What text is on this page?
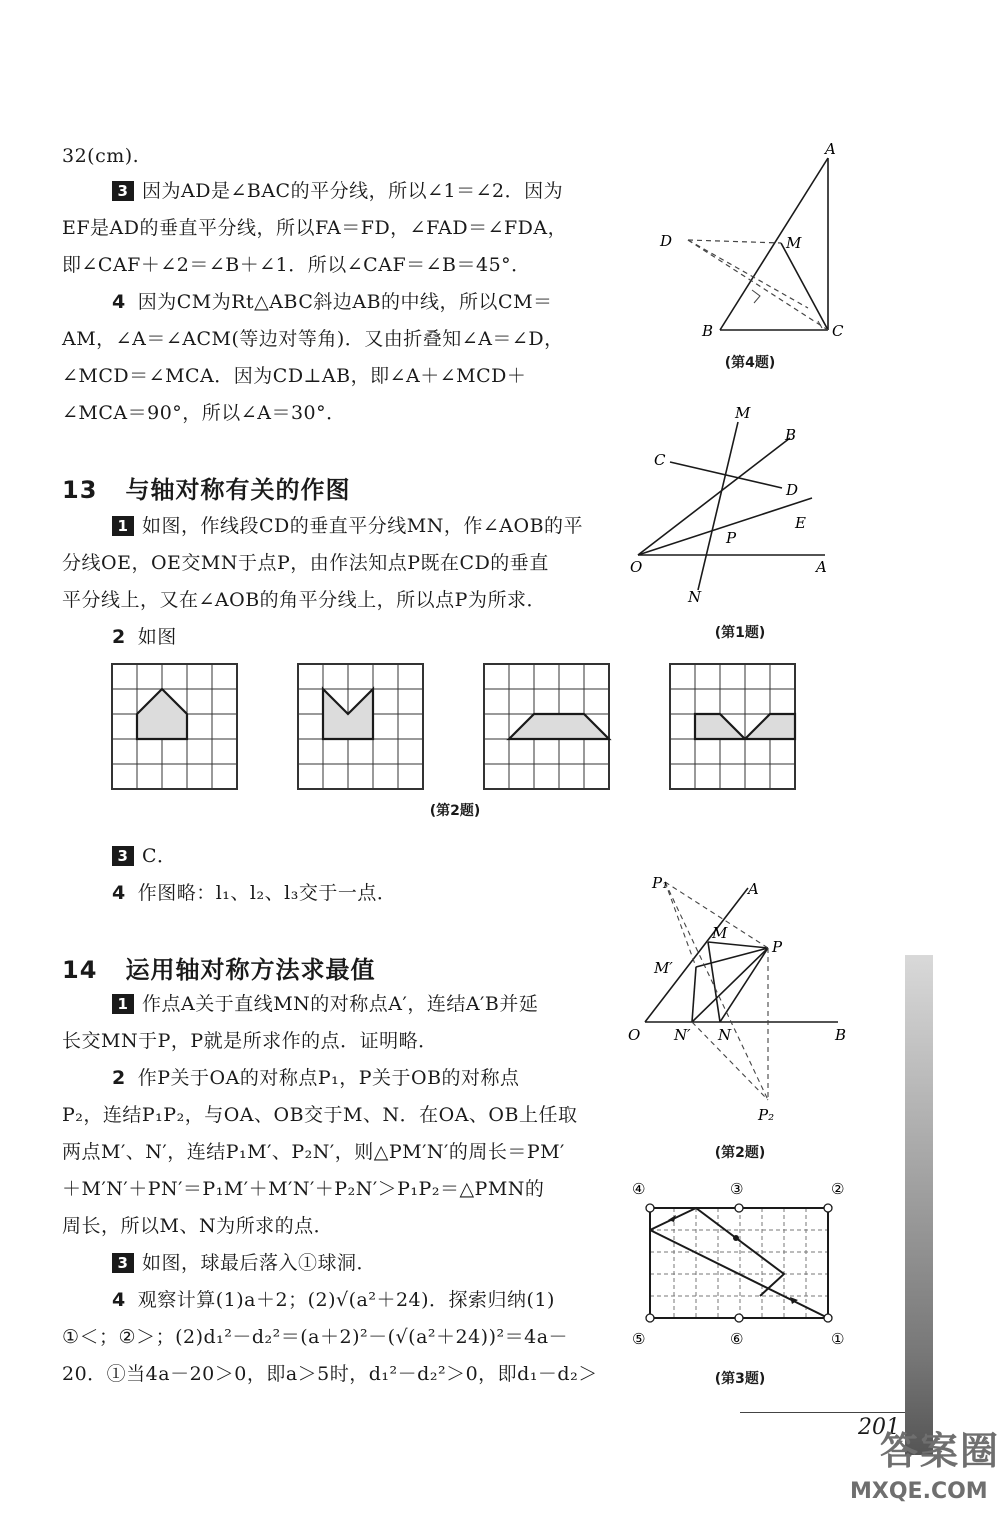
32(cm).
3 因为AD是∠BAC的平分线，所以∠1＝∠2．因为
EF是AD的垂直平分线，所以FA＝FD，∠FAD＝∠FDA，
即∠CAF＋∠2＝∠B＋∠1．所以∠CAF＝∠B＝45°．
4 因为CM为Rt△ABC斜边AB的中线，所以CM＝
AM，∠A＝∠ACM(等边对等角)．又由折叠知∠A＝∠D，
∠MCD＝∠MCA．因为CD⊥AB，即∠A＋∠MCD＋
∠MCA＝90°，所以∠A＝30°．
A
B	C
D	M
(第4题)
13 与轴对称有关的作图
1 如图，作线段CD的垂直平分线MN，作∠AOB的平
分线OE，OE交MN于点P，由作法知点P既在CD的垂直
平分线上，又在∠AOB的角平分线上，所以点P为所求．
2 如图
M
B
C
D
E
P
O	A
N
(第1题)
(第2题)
3 C．
4 作图略：l₁、l₂、l₃交于一点．
14 运用轴对称方法求最值
1 作点A关于直线MN的对称点A′，连结A′B并延
长交MN于P，P就是所求作的点．证明略．
2 作P关于OA的对称点P₁，P关于OB的对称点
P₂，连结P₁P₂，与OA、OB交于M、N．在OA、OB上任取
两点M′、N′，连结P₁M′、P₂N′，则△PM′N′的周长＝PM′
＋M′N′＋PN′＝P₁M′＋M′N′＋P₂N′＞P₁P₂＝△PMN的
周长，所以M、N为所求的点．
3 如图，球最后落入①球洞．
4 观察计算(1)a＋2；(2)√(a²＋24)．探索归纳(1)
①＜；②＞；(2)d₁²－d₂²＝(a＋2)²－(√(a²＋24))²＝4a－
20．①当4a－20＞0，即a＞5时，d₁²－d₂²＞0，即d₁－d₂＞
P₁	A
M
P
M′
O N′ N	B
P₂
(第2题)
④	③	②
⑤	⑥	①
(第3题)
201
答案圈
MXQE.COM
